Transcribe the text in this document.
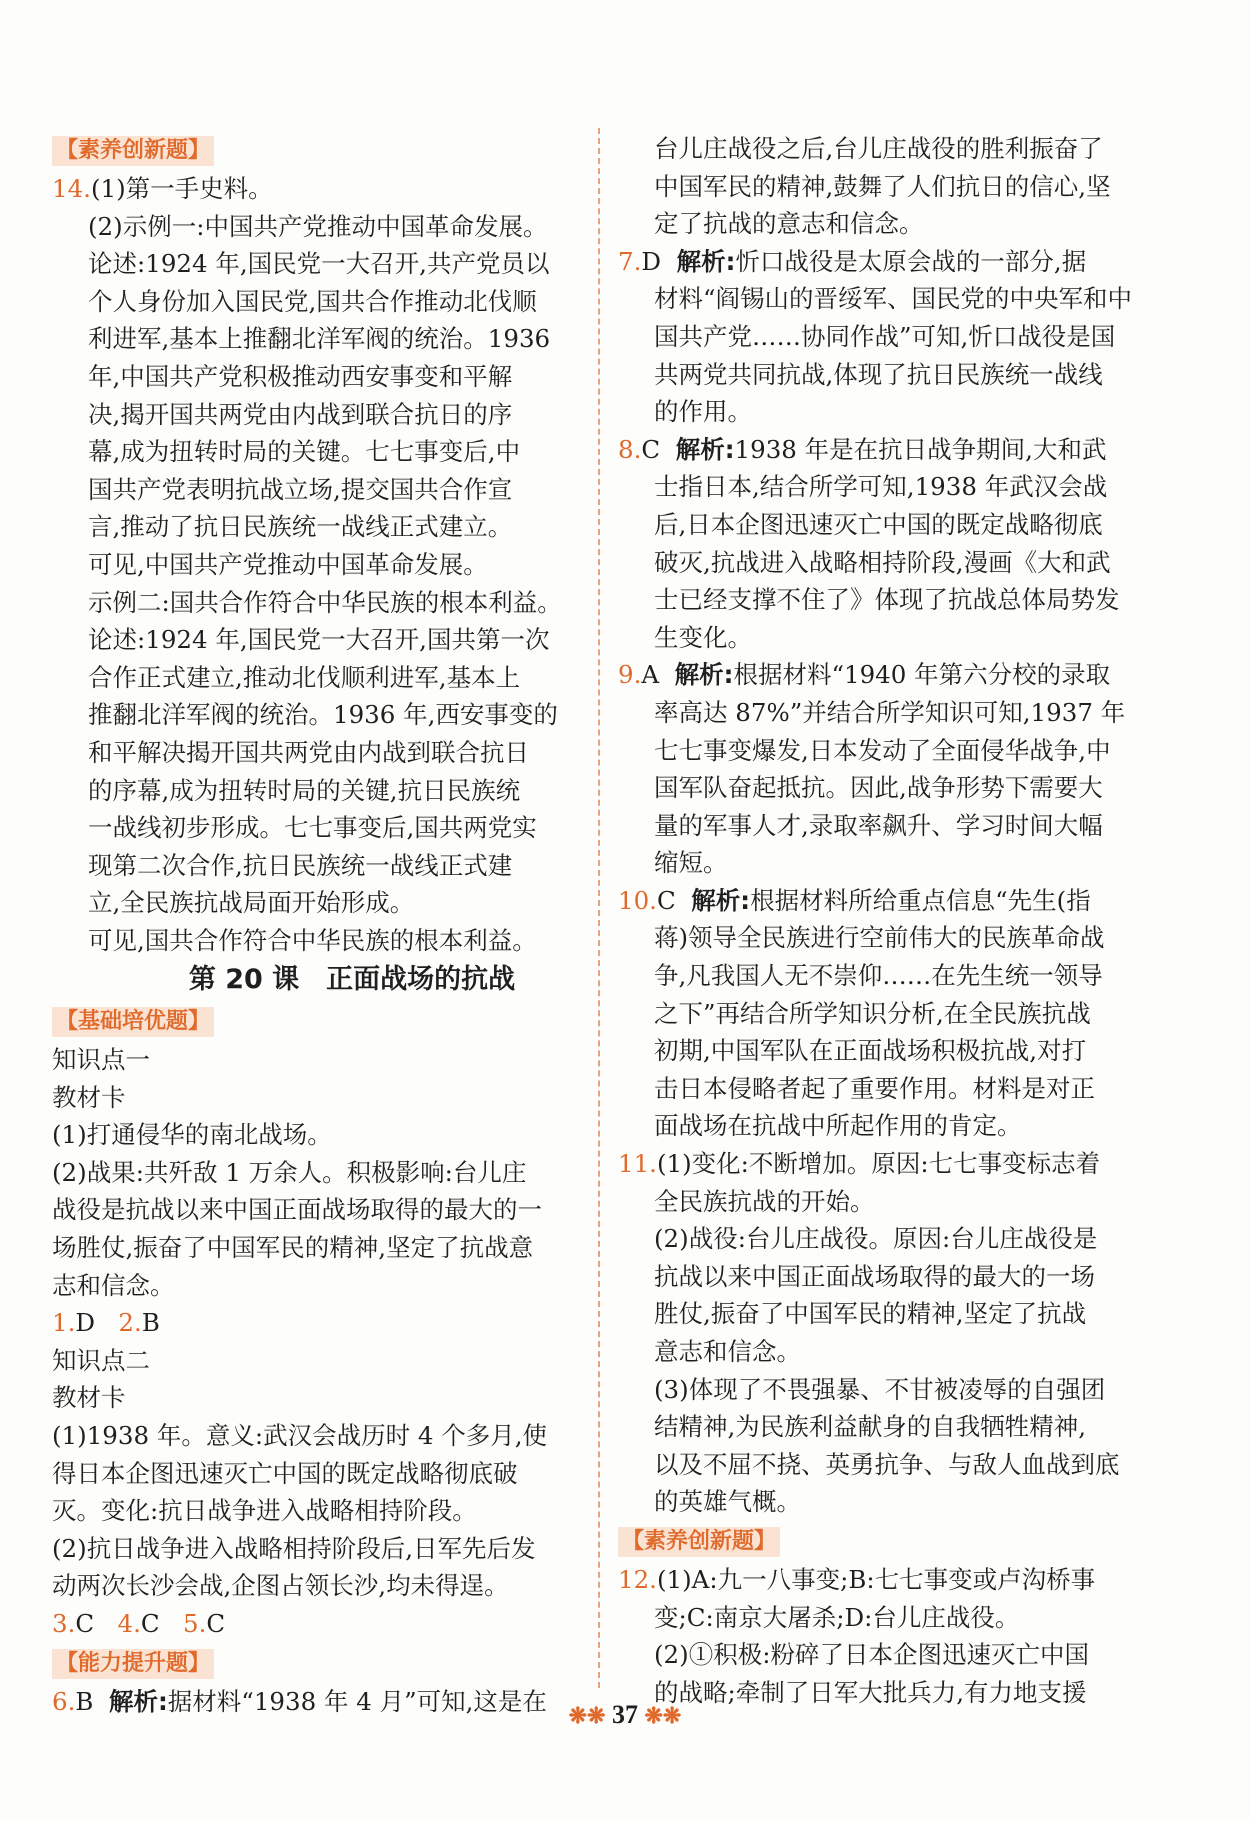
【素养创新题】
14.(1)第一手史料。
(2)示例一:中国共产党推动中国革命发展。
论述:1924 年,国民党一大召开,共产党员以
个人身份加入国民党,国共合作推动北伐顺
利进军,基本上推翻北洋军阀的统治。1936
年,中国共产党积极推动西安事变和平解
决,揭开国共两党由内战到联合抗日的序
幕,成为扭转时局的关键。七七事变后,中
国共产党表明抗战立场,提交国共合作宣
言,推动了抗日民族统一战线正式建立。
可见,中国共产党推动中国革命发展。
示例二:国共合作符合中华民族的根本利益。
论述:1924 年,国民党一大召开,国共第一次
合作正式建立,推动北伐顺利进军,基本上
推翻北洋军阀的统治。1936 年,西安事变的
和平解决揭开国共两党由内战到联合抗日
的序幕,成为扭转时局的关键,抗日民族统
一战线初步形成。七七事变后,国共两党实
现第二次合作,抗日民族统一战线正式建
立,全民族抗战局面开始形成。
可见,国共合作符合中华民族的根本利益。
第 20 课　正面战场的抗战
【基础培优题】
知识点一
教材卡
(1)打通侵华的南北战场。
(2)战果:共歼敌 1 万余人。积极影响:台儿庄
战役是抗战以来中国正面战场取得的最大的一
场胜仗,振奋了中国军民的精神,坚定了抗战意
志和信念。
1.D 2.B
知识点二
教材卡
(1)1938 年。意义:武汉会战历时 4 个多月,使
得日本企图迅速灭亡中国的既定战略彻底破
灭。变化:抗日战争进入战略相持阶段。
(2)抗日战争进入战略相持阶段后,日军先后发
动两次长沙会战,企图占领长沙,均未得逞。
3.C 4.C 5.C
【能力提升题】
6.B 解析:据材料“1938 年 4 月”可知,这是在
台儿庄战役之后,台儿庄战役的胜利振奋了
中国军民的精神,鼓舞了人们抗日的信心,坚
定了抗战的意志和信念。
7.D 解析:忻口战役是太原会战的一部分,据
材料“阎锡山的晋绥军、国民党的中央军和中
国共产党……协同作战”可知,忻口战役是国
共两党共同抗战,体现了抗日民族统一战线
的作用。
8.C 解析:1938 年是在抗日战争期间,大和武
士指日本,结合所学可知,1938 年武汉会战
后,日本企图迅速灭亡中国的既定战略彻底
破灭,抗战进入战略相持阶段,漫画《大和武
士已经支撑不住了》体现了抗战总体局势发
生变化。
9.A 解析:根据材料“1940 年第六分校的录取
率高达 87%”并结合所学知识可知,1937 年
七七事变爆发,日本发动了全面侵华战争,中
国军队奋起抵抗。因此,战争形势下需要大
量的军事人才,录取率飙升、学习时间大幅
缩短。
10.C 解析:根据材料所给重点信息“先生(指
蒋)领导全民族进行空前伟大的民族革命战
争,凡我国人无不崇仰……在先生统一领导
之下”再结合所学知识分析,在全民族抗战
初期,中国军队在正面战场积极抗战,对打
击日本侵略者起了重要作用。材料是对正
面战场在抗战中所起作用的肯定。
11.(1)变化:不断增加。原因:七七事变标志着
全民族抗战的开始。
(2)战役:台儿庄战役。原因:台儿庄战役是
抗战以来中国正面战场取得的最大的一场
胜仗,振奋了中国军民的精神,坚定了抗战
意志和信念。
(3)体现了不畏强暴、不甘被凌辱的自强团
结精神,为民族利益献身的自我牺牲精神,
以及不屈不挠、英勇抗争、与敌人血战到底
的英雄气概。
【素养创新题】
12.(1)A:九一八事变;B:七七事变或卢沟桥事
变;C:南京大屠杀;D:台儿庄战役。
(2)①积极:粉碎了日本企图迅速灭亡中国
的战略;牵制了日军大批兵力,有力地支援
❋❋ 37 ❋❋
